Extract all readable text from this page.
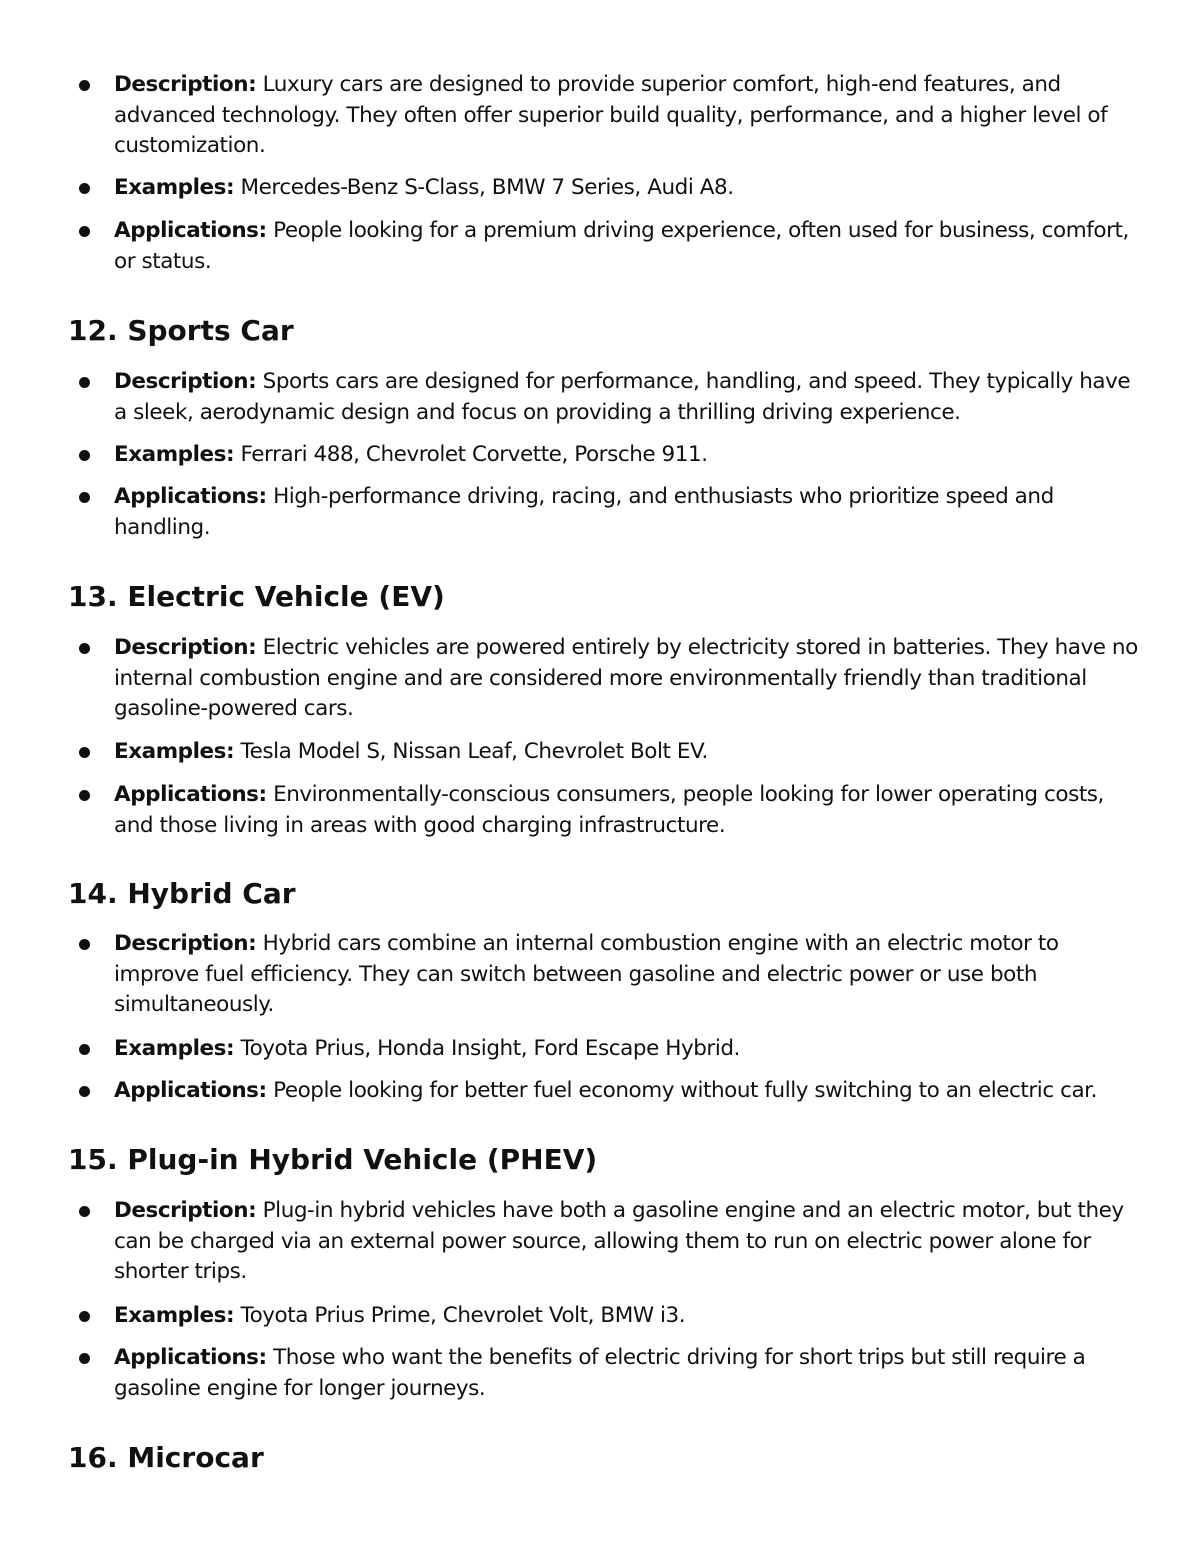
Description: Luxury cars are designed to provide superior comfort, high-end features, and advanced technology. They often offer superior build quality, performance, and a higher level of customization.
Examples: Mercedes-Benz S-Class, BMW 7 Series, Audi A8.
Applications: People looking for a premium driving experience, often used for business, comfort, or status.
12. Sports Car
Description: Sports cars are designed for performance, handling, and speed. They typically have a sleek, aerodynamic design and focus on providing a thrilling driving experience.
Examples: Ferrari 488, Chevrolet Corvette, Porsche 911.
Applications: High-performance driving, racing, and enthusiasts who prioritize speed and handling.
13. Electric Vehicle (EV)
Description: Electric vehicles are powered entirely by electricity stored in batteries. They have no internal combustion engine and are considered more environmentally friendly than traditional gasoline-powered cars.
Examples: Tesla Model S, Nissan Leaf, Chevrolet Bolt EV.
Applications: Environmentally-conscious consumers, people looking for lower operating costs, and those living in areas with good charging infrastructure.
14. Hybrid Car
Description: Hybrid cars combine an internal combustion engine with an electric motor to improve fuel efficiency. They can switch between gasoline and electric power or use both simultaneously.
Examples: Toyota Prius, Honda Insight, Ford Escape Hybrid.
Applications: People looking for better fuel economy without fully switching to an electric car.
15. Plug-in Hybrid Vehicle (PHEV)
Description: Plug-in hybrid vehicles have both a gasoline engine and an electric motor, but they can be charged via an external power source, allowing them to run on electric power alone for shorter trips.
Examples: Toyota Prius Prime, Chevrolet Volt, BMW i3.
Applications: Those who want the benefits of electric driving for short trips but still require a gasoline engine for longer journeys.
16. Microcar
